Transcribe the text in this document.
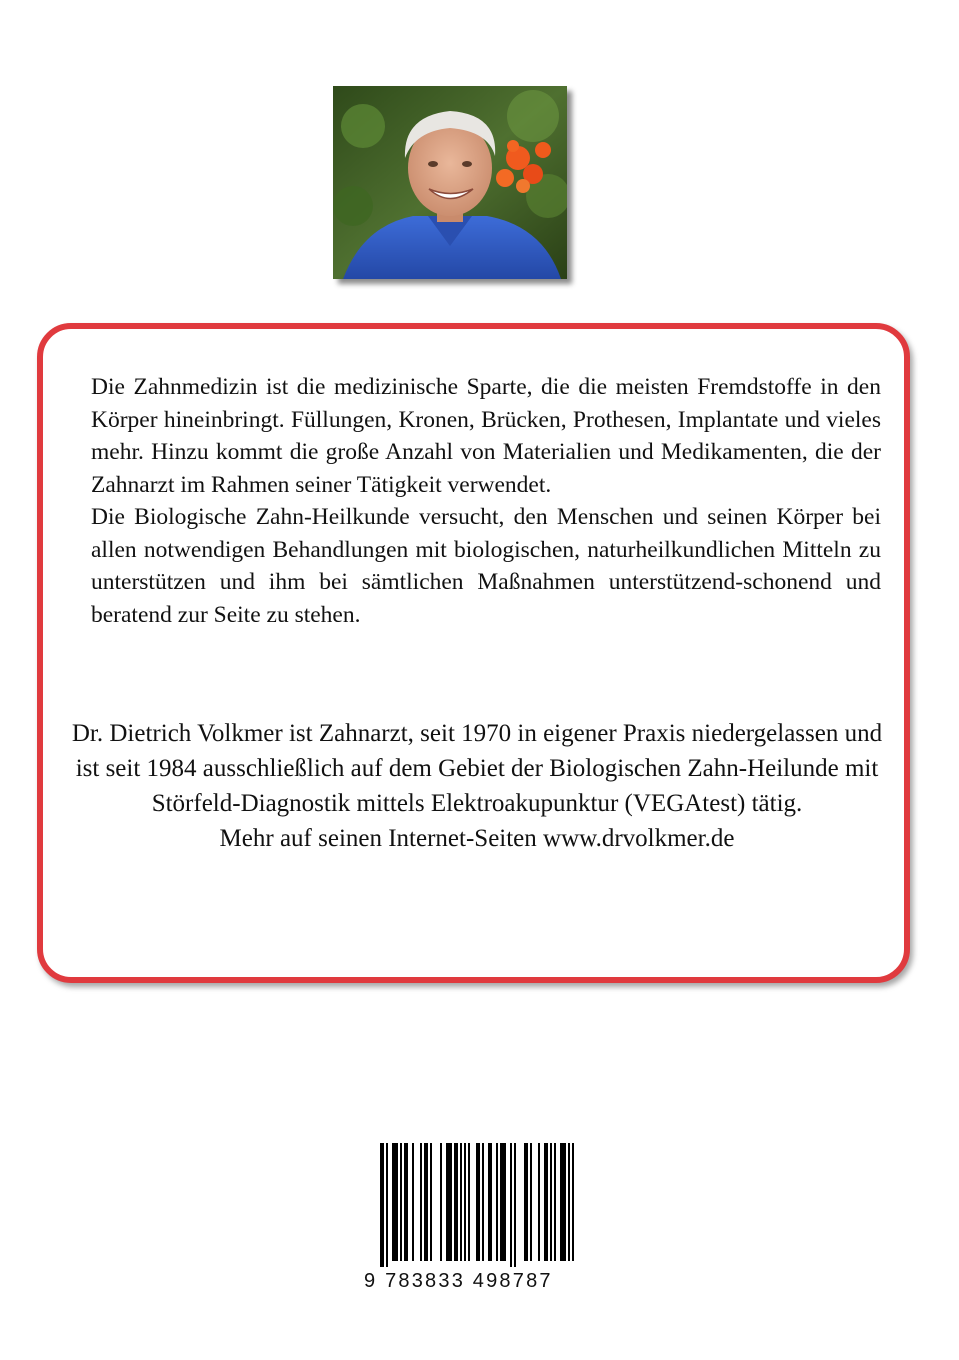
Die Zahnmedizin ist die medizinische Sparte, die die meisten Fremdstoffe in den Körper hineinbringt. Füllungen, Kronen, Brücken, Prothesen, Implantate und vieles mehr. Hinzu kommt die große Anzahl von Materialien und Medikamenten, die der Zahnarzt im Rahmen seiner Tätigkeit verwendet.

Die Biologische Zahn-Heilkunde versucht, den Menschen und seinen Körper bei allen notwendigen Behandlungen mit biologischen, naturheilkundlichen Mitteln zu unterstützen und ihm bei sämtlichen Maßnahmen unterstützend-schonend und beratend zur Seite zu stehen.

Dr. Dietrich Volkmer ist Zahnarzt, seit 1970 in eigener Praxis niedergelassen und ist seit 1984 ausschließlich auf dem Gebiet der Biologischen Zahn-Heilunde mit Störfeld-Diagnostik mittels Elektroakupunktur (VEGAtest) tätig.

Mehr auf seinen Internet-Seiten www.drvolkmer.de

9 783833 498787
